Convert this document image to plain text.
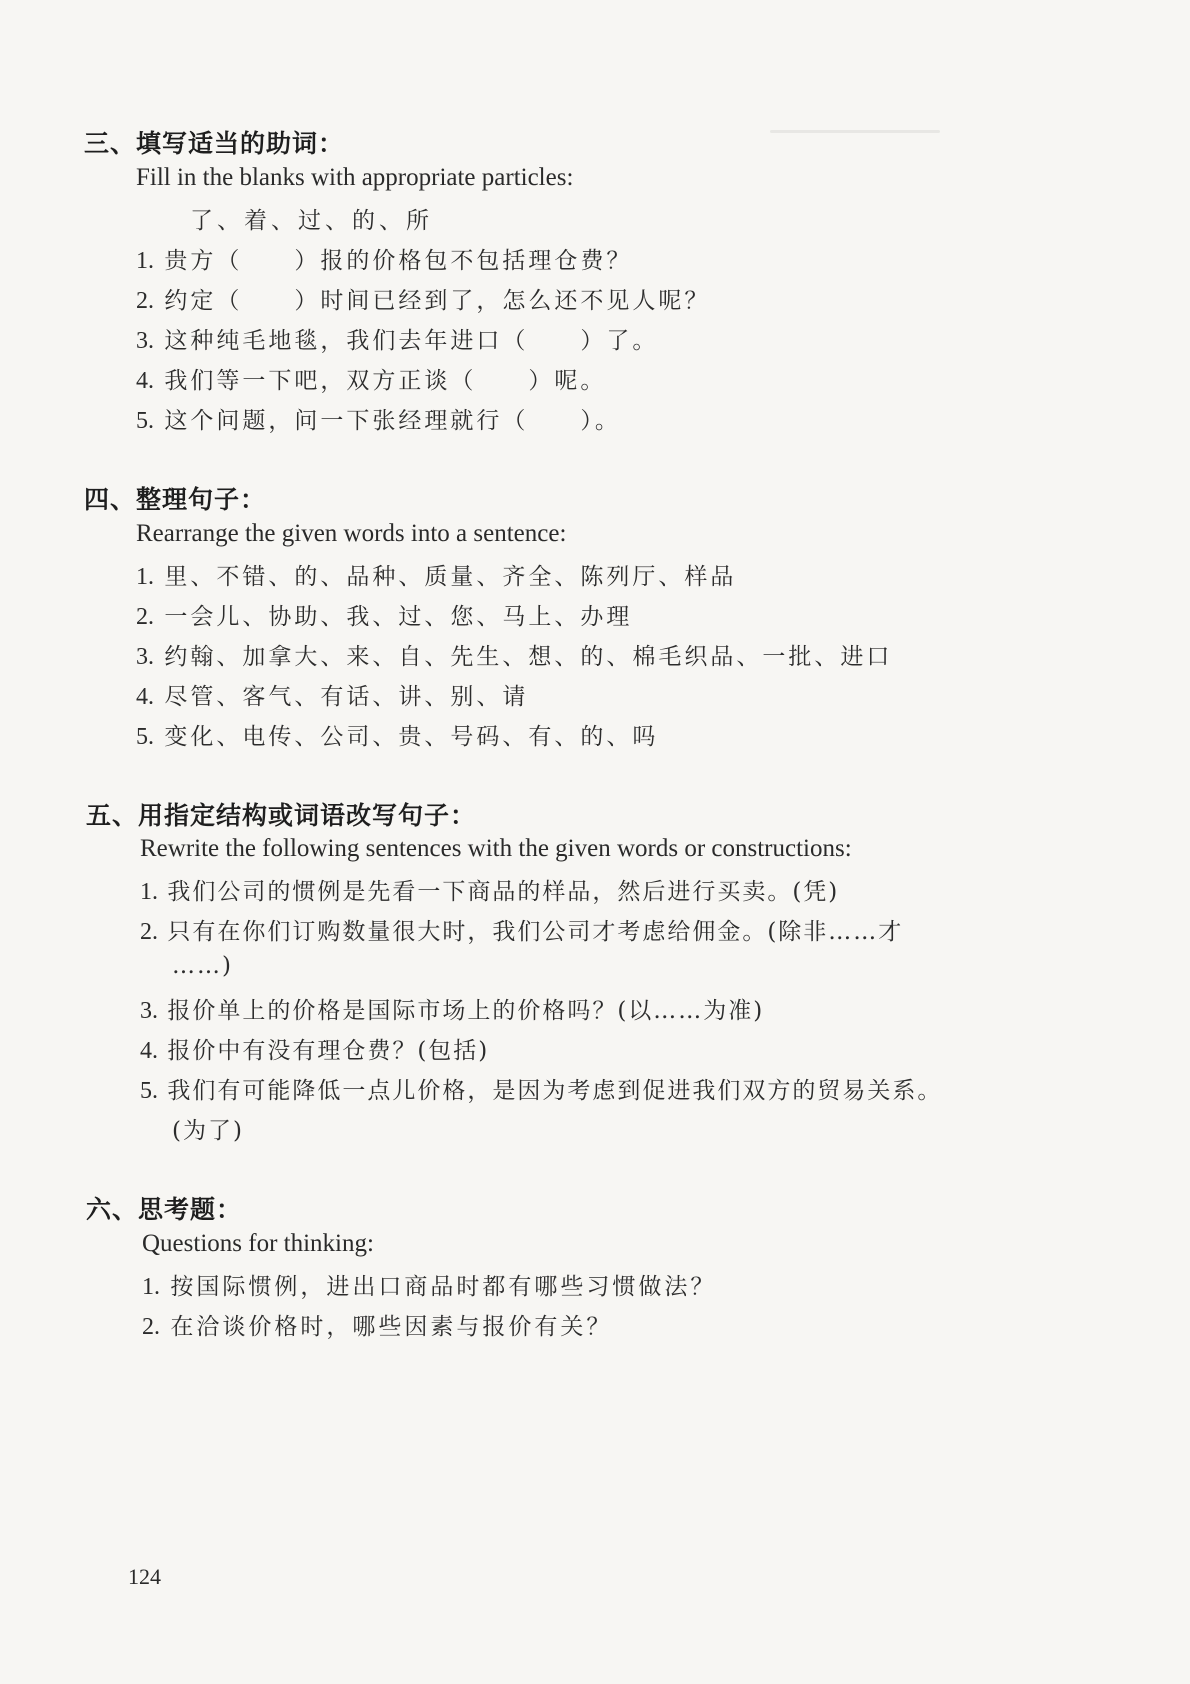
三、填写适当的助词：
Fill in the blanks with appropriate particles:
了、着、过、的、所
1. 贵方（　　）报的价格包不包括理仓费？
2. 约定（　　）时间已经到了，怎么还不见人呢？
3. 这种纯毛地毯，我们去年进口（　　）了。
4. 我们等一下吧，双方正谈（　　）呢。
5. 这个问题，问一下张经理就行（　　）。
四、整理句子：
Rearrange the given words into a sentence:
1. 里、不错、的、品种、质量、齐全、陈列厅、样品
2. 一会儿、协助、我、过、您、马上、办理
3. 约翰、加拿大、来、自、先生、想、的、棉毛织品、一批、进口
4. 尽管、客气、有话、讲、别、请
5. 变化、电传、公司、贵、号码、有、的、吗
五、用指定结构或词语改写句子：
Rewrite the following sentences with the given words or constructions:
1. 我们公司的惯例是先看一下商品的样品，然后进行买卖。(凭)
2. 只有在你们订购数量很大时，我们公司才考虑给佣金。(除非……才
……)
3. 报价单上的价格是国际市场上的价格吗？(以……为准)
4. 报价中有没有理仓费？(包括)
5. 我们有可能降低一点儿价格，是因为考虑到促进我们双方的贸易关系。
(为了)
六、思考题：
Questions for thinking:
1. 按国际惯例，进出口商品时都有哪些习惯做法？
2. 在洽谈价格时，哪些因素与报价有关？
124
